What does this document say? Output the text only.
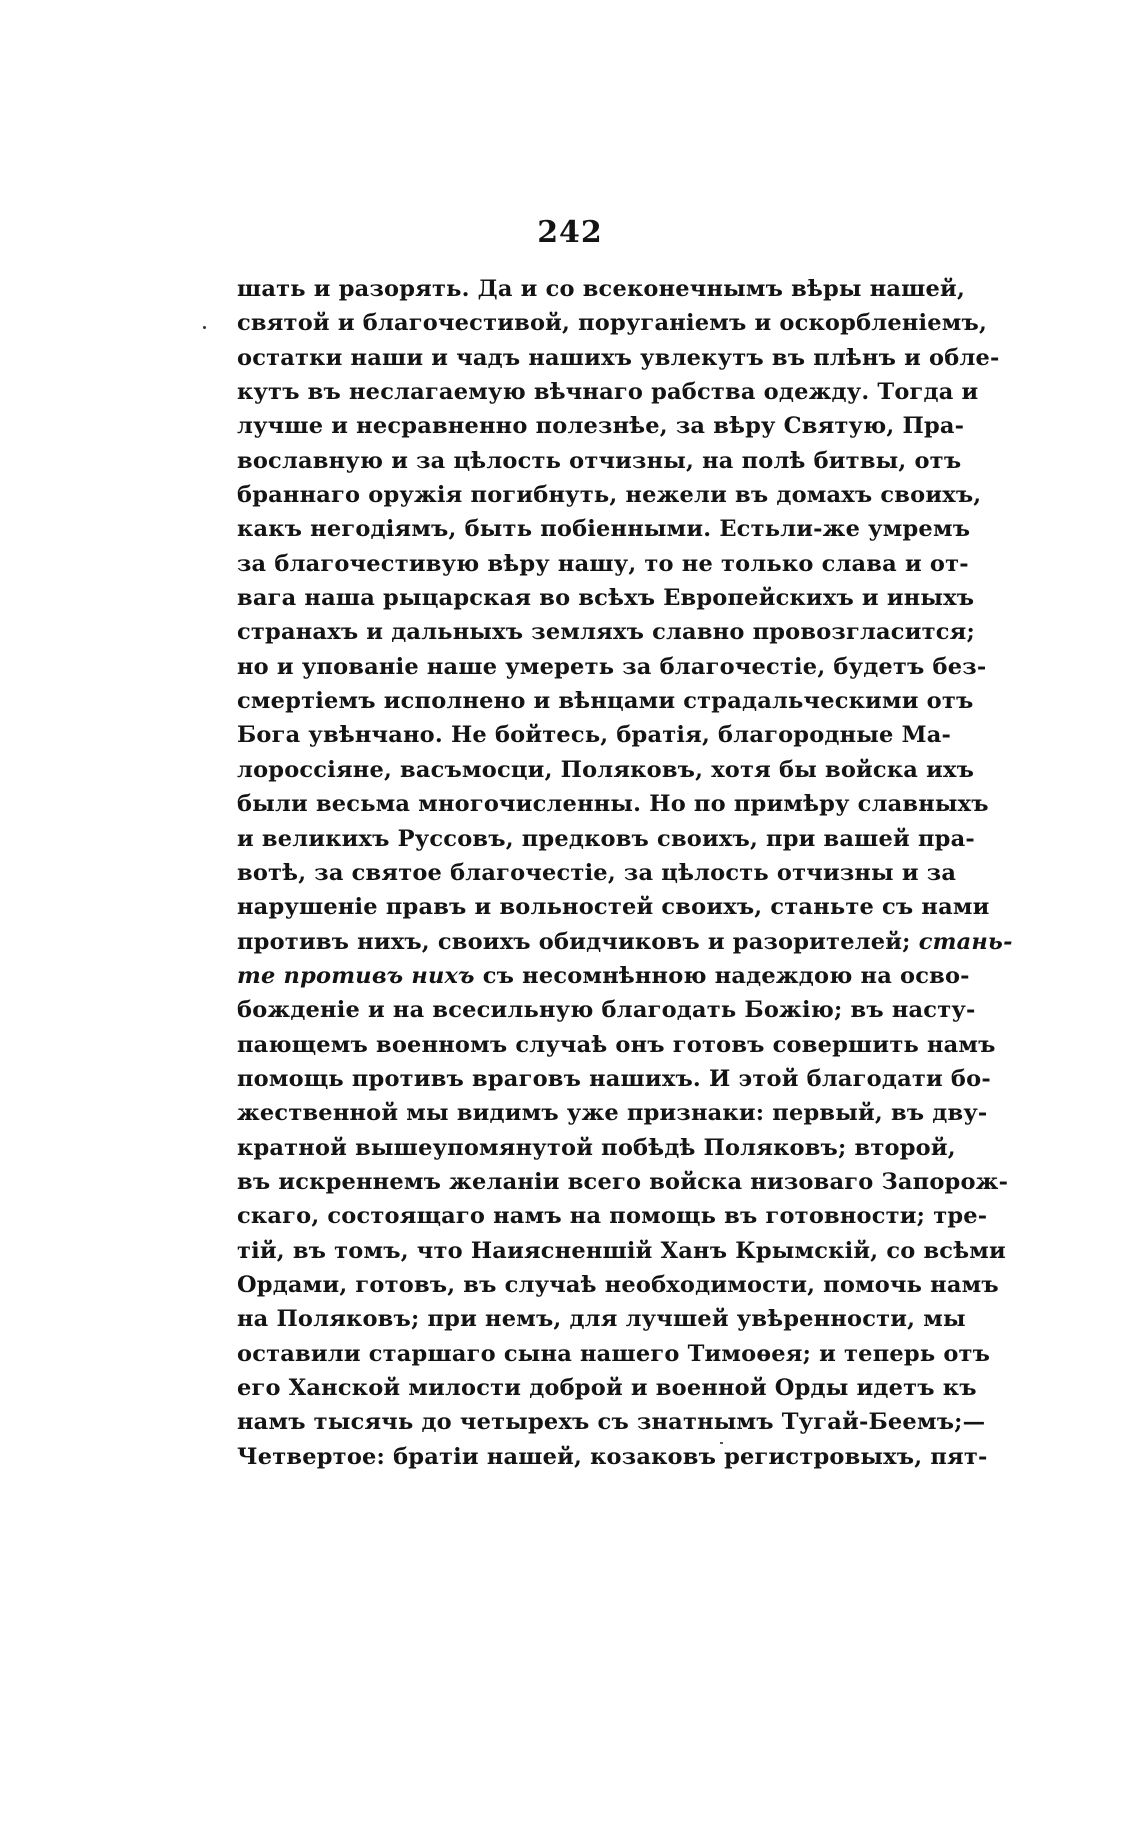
242
шать и разорять. Да и со всеконечнымъ вѣры нашей,
святой и благочестивой, поруганіемъ и оскорбленіемъ,
остатки наши и чадъ нашихъ увлекутъ въ плѣнъ и облe-
кутъ въ неслагаемую вѣчнаго рабства одежду. Тогда и
лучше и несравненно полезнѣе, за вѣру Святую, Пра-
вославную и за цѣлость отчизны, на полѣ битвы, отъ
браннаго оружія погибнуть, нежели въ домахъ своихъ,
какъ негодіямъ, быть побіенными. Естьли-же умремъ
за благочестивую вѣру нашу, то не только слава и от-
вага наша рыцарская во всѣхъ Европейскихъ и иныхъ
странахъ и дальныхъ земляхъ славно провозгласится;
но и упованіе наше умереть за благочестіе, будетъ без-
смертіемъ исполнено и вѣнцами страдальческими отъ
Бога увѣнчано. Не бойтесь, братія, благородные Ма-
лороссіяне, васъмосци, Поляковъ, хотя бы войска ихъ
были весьма многочисленны. Но по примѣру славныхъ
и великихъ Руссовъ, предковъ своихъ, при вашей пра-
вотѣ, за святое благочестіе, за цѣлость отчизны и за
нарушеніе правъ и вольностей своихъ, станьте съ нами
противъ нихъ, своихъ обидчиковъ и разорителей; стань-
те противъ нихъ съ несомнѣнною надеждою на осво-
божденіе и на всесильную благодать Божію; въ насту-
пающемъ военномъ случаѣ онъ готовъ совершить намъ
помощь противъ враговъ нашихъ. И этой благодати бо-
жественной мы видимъ уже признаки: первый, въ дву-
кратной вышеупомянутой побѣдѣ Поляковъ; второй,
въ искреннемъ желаніи всего войска низоваго Запорож-
скаго, состоящаго намъ на помощь въ готовности; тре-
тій, въ томъ, что Наиясненшій Ханъ Крымскій, со всѣми
Ордами, готовъ, въ случаѣ необходимости, помочь намъ
на Поляковъ; при немъ, для лучшей увѣренности, мы
оставили старшаго сына нашего Тимоѳея; и теперь отъ
его Ханской милости доброй и военной Орды идетъ къ
намъ тысячь до четырехъ съ знатнымъ Тугай-Беемъ;—
Четвертое: братіи нашей, козаковъ регистровыхъ, пят-
